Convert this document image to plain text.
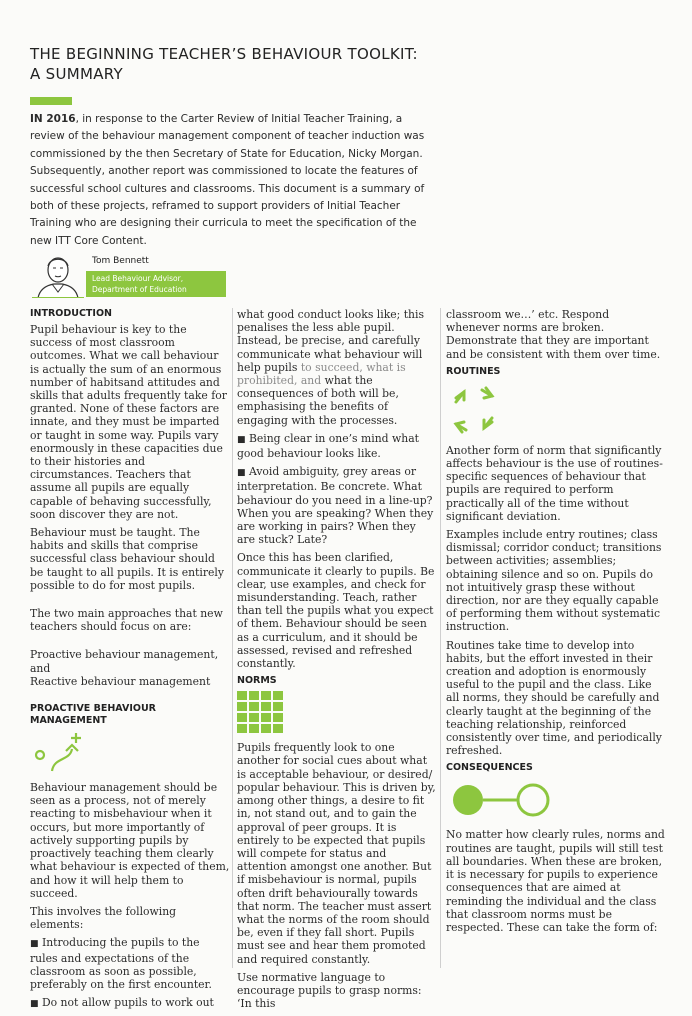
THE BEGINNING TEACHER’S BEHAVIOUR TOOLKIT:
A SUMMARY

IN 2016, in response to the Carter Review of Initial Teacher Training, a review of the behaviour management component of teacher induction was commissioned by the then Secretary of State for Education, Nicky Morgan. Subsequently, another report was commissioned to locate the features of successful school cultures and classrooms. This document is a summary of both of these projects, reframed to support providers of Initial Teacher Training who are designing their curricula to meet the specification of the new ITT Core Content.

Tom Bennett
Lead Behaviour Advisor,
Department of Education
INTRODUCTION

Pupil behaviour is key to the success of most classroom outcomes. What we call behaviour is actually the sum of an enormous number of habitsand attitudes and skills that adults frequently take for granted. None of these factors are innate, and they must be imparted or taught in some way. Pupils vary enormously in these capacities due to their histories and circumstances. Teachers that assume all pupils are equally capable of behaving successfully, soon discover they are not.

Behaviour must be taught. The habits and skills that comprise successful class behaviour should be taught to all pupils. It is entirely possible to do for most pupils.

The two main approaches that new teachers should focus on are:

Proactive behaviour management,
and
Reactive behaviour management

PROACTIVE BEHAVIOUR MANAGEMENT

Behaviour management should be seen as a process, not of merely reacting to misbehaviour when it occurs, but more importantly of actively supporting pupils by proactively teaching them clearly what behaviour is expected of them, and how it will help them to succeed.

This involves the following elements:

■ Introducing the pupils to the rules and expectations of the classroom as soon as possible, preferably on the first encounter.

■ Do not allow pupils to work out

what good conduct looks like; this penalises the less able pupil. Instead, be precise, and carefully communicate what behaviour will help pupils to succeed, what is prohibited, and what the consequences of both will be, emphasising the benefits of engaging with the processes.

■ Being clear in one’s mind what good behaviour looks like.

■ Avoid ambiguity, grey areas or interpretation. Be concrete. What behaviour do you need in a line-up? When you are speaking? When they are working in pairs? When they are stuck? Late?

Once this has been clarified, communicate it clearly to pupils. Be clear, use examples, and check for misunderstanding. Teach, rather than tell the pupils what you expect of them. Behaviour should be seen as a curriculum, and it should be assessed, revised and refreshed constantly.

NORMS

Pupils frequently look to one another for social cues about what is acceptable behaviour, or desired/ popular behaviour. This is driven by, among other things, a desire to fit in, not stand out, and to gain the approval of peer groups. It is entirely to be expected that pupils will compete for status and attention amongst one another. But if misbehaviour is normal, pupils often drift behaviourally towards that norm. The teacher must assert what the norms of the room should be, even if they fall short. Pupils must see and hear them promoted and required constantly.

Use normative language to encourage pupils to grasp norms: ‘In this

classroom we…’ etc. Respond whenever norms are broken. Demonstrate that they are important and be consistent with them over time.

ROUTINES

Another form of norm that significantly affects behaviour is the use of routines- specific sequences of behaviour that pupils are required to perform practically all of the time without significant deviation.

Examples include entry routines; class dismissal; corridor conduct; transitions between activities; assemblies; obtaining silence and so on. Pupils do not intuitively grasp these without direction, nor are they equally capable of performing them without systematic instruction.

Routines take time to develop into habits, but the effort invested in their creation and adoption is enormously useful to the pupil and the class. Like all norms, they should be carefully and clearly taught at the beginning of the teaching relationship, reinforced consistently over time, and periodically refreshed.

CONSEQUENCES

No matter how clearly rules, norms and routines are taught, pupils will still test all boundaries. When these are broken, it is necessary for pupils to experience consequences that are aimed at reminding the individual and the class that classroom norms must be respected. These can take the form of:
